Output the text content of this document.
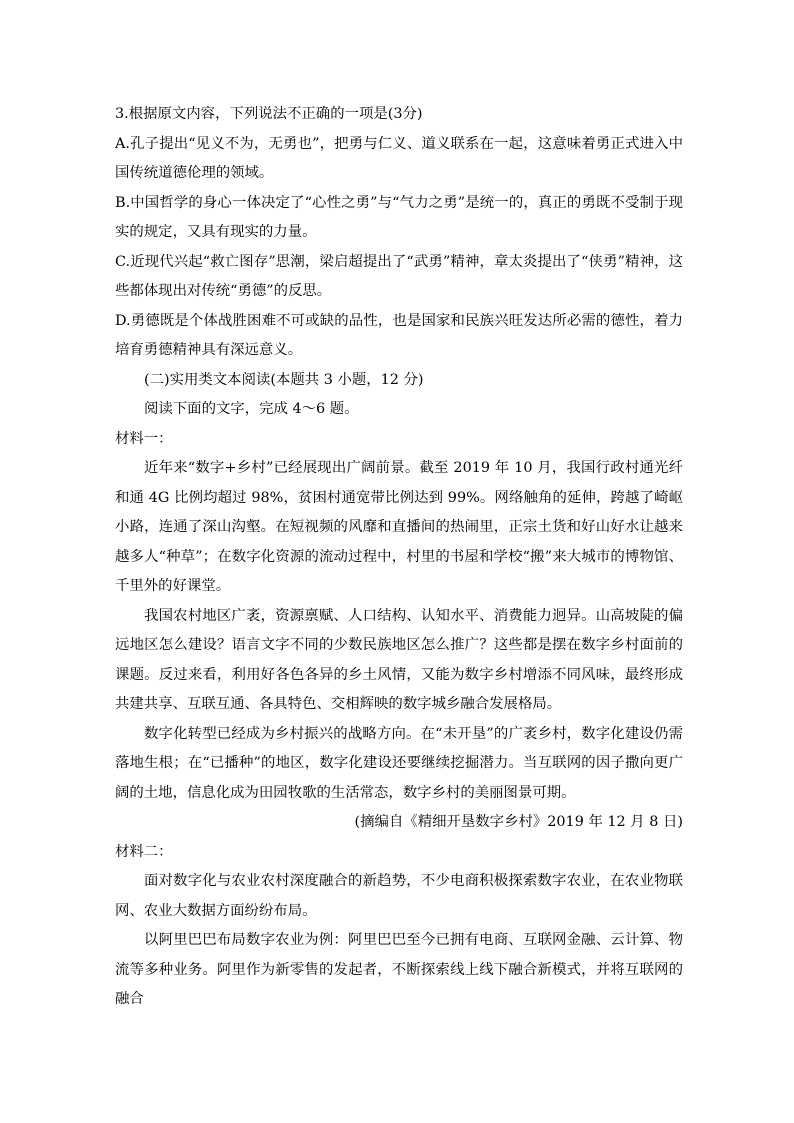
3.根据原文内容，下列说法不正确的一项是(3分)

A.孔子提出“见义不为，无勇也”，把勇与仁义、道义联系在一起，这意味着勇正式进入中国传统道德伦理的领域。

B.中国哲学的身心一体决定了“心性之勇”与“气力之勇”是统一的，真正的勇既不受制于现实的规定，又具有现实的力量。

C.近现代兴起“救亡图存”思潮，梁启超提出了“武勇”精神，章太炎提出了“侠勇”精神，这些都体现出对传统“勇德”的反思。

D.勇德既是个体战胜困难不可或缺的品性，也是国家和民族兴旺发达所必需的德性，着力培育勇德精神具有深远意义。

(二)实用类文本阅读(本题共 3 小题，12 分)

阅读下面的文字，完成 4～6 题。

材料一：

近年来“数字+乡村”已经展现出广阔前景。截至 2019 年 10 月，我国行政村通光纤和通 4G 比例均超过 98%，贫困村通宽带比例达到 99%。网络触角的延伸，跨越了崎岖小路，连通了深山沟壑。在短视频的风靡和直播间的热闹里，正宗土货和好山好水让越来越多人“种草”；在数字化资源的流动过程中，村里的书屋和学校“搬”来大城市的博物馆、千里外的好课堂。

我国农村地区广袤，资源禀赋、人口结构、认知水平、消费能力迥异。山高坡陡的偏远地区怎么建设？语言文字不同的少数民族地区怎么推广？这些都是摆在数字乡村面前的课题。反过来看，利用好各色各异的乡土风情，又能为数字乡村增添不同风味，最终形成共建共享、互联互通、各具特色、交相辉映的数字城乡融合发展格局。

数字化转型已经成为乡村振兴的战略方向。在“未开垦”的广袤乡村，数字化建设仍需落地生根；在“已播种”的地区，数字化建设还要继续挖掘潜力。当互联网的因子撒向更广阔的土地，信息化成为田园牧歌的生活常态，数字乡村的美丽图景可期。

(摘编自《精细开垦数字乡村》2019 年 12 月 8 日)

材料二：

面对数字化与农业农村深度融合的新趋势，不少电商积极探索数字农业，在农业物联网、农业大数据方面纷纷布局。

以阿里巴巴布局数字农业为例：阿里巴巴至今已拥有电商、互联网金融、云计算、物流等多种业务。阿里作为新零售的发起者，不断探索线上线下融合新模式，并将互联网的融合
